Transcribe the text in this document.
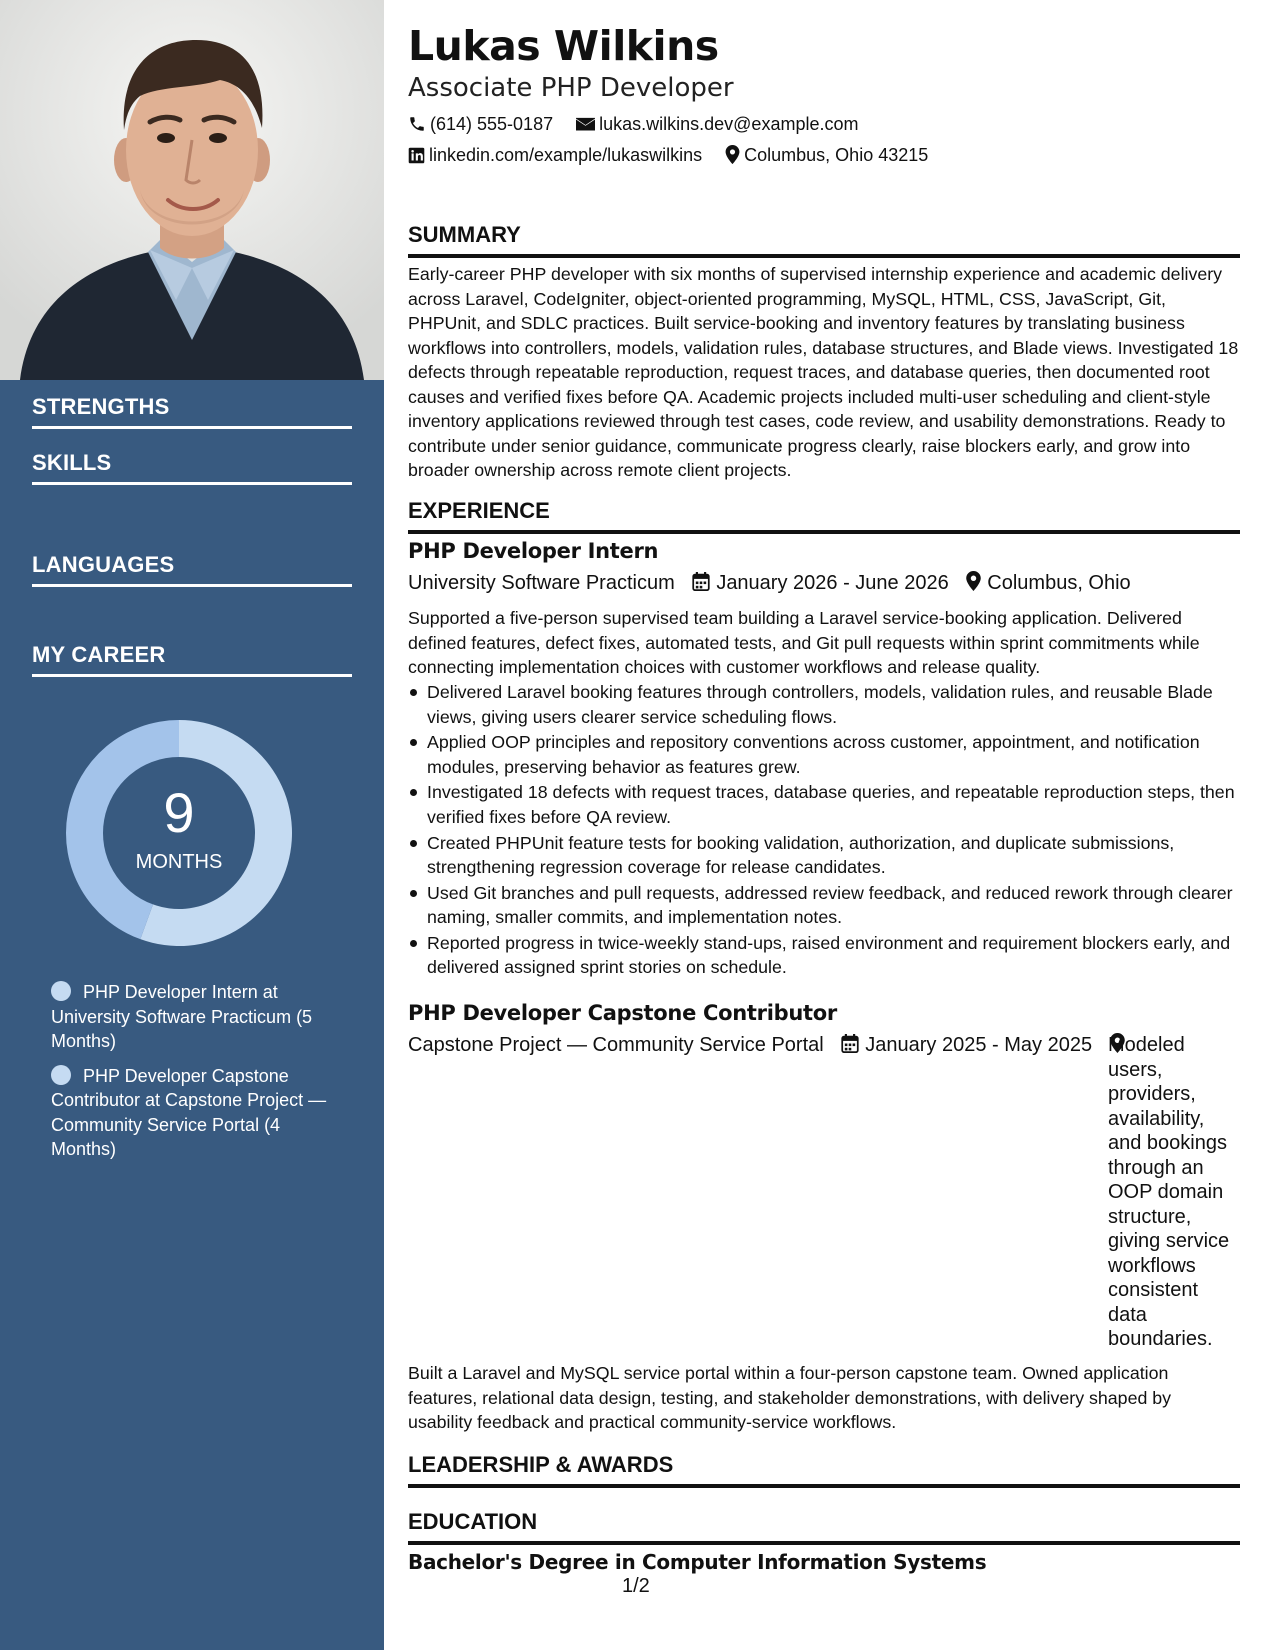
STRENGTHS
SKILLS
LANGUAGES
MY CAREER
9
MONTHS
PHP Developer Intern at University Software Practicum (5 Months)
PHP Developer Capstone Contributor at Capstone Project — Community Service Portal (4 Months)
Lukas Wilkins
Associate PHP Developer
(614) 555-0187	lukas.wilkins.dev@example.com
linkedin.com/example/lukaswilkins Columbus, Ohio 43215
SUMMARY
Early-career PHP developer with six months of supervised internship experience and academic delivery across Laravel, CodeIgniter, object-oriented programming, MySQL, HTML, CSS, JavaScript, Git, PHPUnit, and SDLC practices. Built service-booking and inventory features by translating business workflows into controllers, models, validation rules, database structures, and Blade views. Investigated 18 defects through repeatable reproduction, request traces, and database queries, then documented root causes and verified fixes before QA. Academic projects included multi-user scheduling and client-style inventory applications reviewed through test cases, code review, and usability demonstrations. Ready to contribute under senior guidance, communicate progress clearly, raise blockers early, and grow into broader ownership across remote client projects.
EXPERIENCE
PHP Developer Intern
University Software Practicum January 2026 - June 2026 Columbus, Ohio
Supported a five-person supervised team building a Laravel service-booking application. Delivered defined features, defect fixes, automated tests, and Git pull requests within sprint commitments while connecting implementation choices with customer workflows and release quality.
Delivered Laravel booking features through controllers, models, validation rules, and reusable Blade views, giving users clearer service scheduling flows.
Applied OOP principles and repository conventions across customer, appointment, and notification modules, preserving behavior as features grew.
Investigated 18 defects with request traces, database queries, and repeatable reproduction steps, then verified fixes before QA review.
Created PHPUnit feature tests for booking validation, authorization, and duplicate submissions, strengthening regression coverage for release candidates.
Used Git branches and pull requests, addressed review feedback, and reduced rework through clearer naming, smaller commits, and implementation notes.
Reported progress in twice-weekly stand-ups, raised environment and requirement blockers early, and delivered assigned sprint stories on schedule.
PHP Developer Capstone Contributor
Capstone Project — Community Service Portal January 2025 - May 2025 Modeled users, providers, availability, and bookings through an OOP domain structure, giving service workflows consistent data boundaries.
Built a Laravel and MySQL service portal within a four-person capstone team. Owned application features, relational data design, testing, and stakeholder demonstrations, with delivery shaped by usability feedback and practical community-service workflows.
LEADERSHIP & AWARDS
EDUCATION
Bachelor's Degree in Computer Information Systems
1/2
